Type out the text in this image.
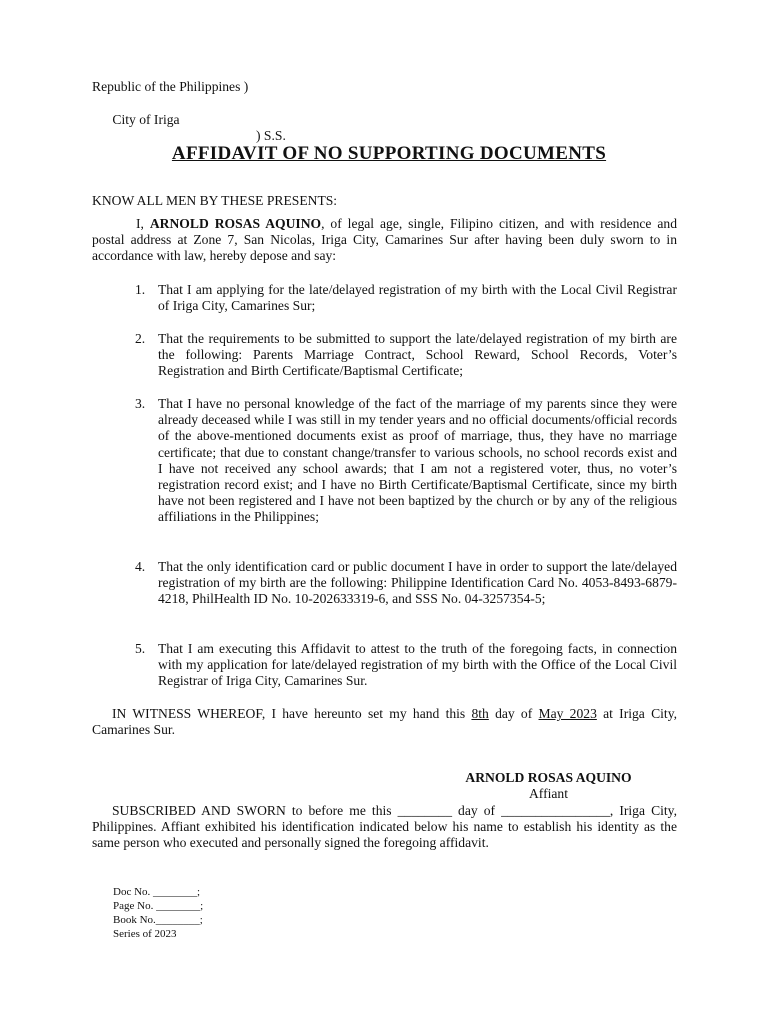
Republic of the Philippines )

City of Iriga

) S.S.

AFFIDAVIT OF NO SUPPORTING DOCUMENTS
KNOW ALL MEN BY THESE PRESENTS:
I, ARNOLD ROSAS AQUINO, of legal age, single, Filipino citizen, and with residence and postal address at Zone 7, San Nicolas, Iriga City, Camarines Sur after having been duly sworn to in accordance with law, hereby depose and say:
1. That I am applying for the late/delayed registration of my birth with the Local Civil Registrar of Iriga City, Camarines Sur;
2. That the requirements to be submitted to support the late/delayed registration of my birth are the following: Parents Marriage Contract, School Reward, School Records, Voter’s Registration and Birth Certificate/Baptismal Certificate;
3. That I have no personal knowledge of the fact of the marriage of my parents since they were already deceased while I was still in my tender years and no official documents/official records of the above-mentioned documents exist as proof of marriage, thus, they have no marriage certificate; that due to constant change/transfer to various schools, no school records exist and I have not received any school awards; that I am not a registered voter, thus, no voter’s registration record exist; and I have no Birth Certificate/Baptismal Certificate, since my birth have not been registered and I have not been baptized by the church or by any of the religious affiliations in the Philippines;
4. That the only identification card or public document I have in order to support the late/delayed registration of my birth are the following: Philippine Identification Card No. 4053-8493-6879-4218, PhilHealth ID No. 10-202633319-6, and SSS No. 04-3257354-5;
5. That I am executing this Affidavit to attest to the truth of the foregoing facts, in connection with my application for late/delayed registration of my birth with the Office of the Local Civil Registrar of Iriga City, Camarines Sur.
IN WITNESS WHEREOF, I have hereunto set my hand this 8th day of May 2023 at Iriga City, Camarines Sur.
ARNOLD ROSAS AQUINO
Affiant
SUBSCRIBED AND SWORN to before me this ________ day of ________________, Iriga City, Philippines. Affiant exhibited his identification indicated below his name to establish his identity as the same person who executed and personally signed the foregoing affidavit.
Doc No. ________;
Page No. ________;
Book No.________;
Series of 2023
